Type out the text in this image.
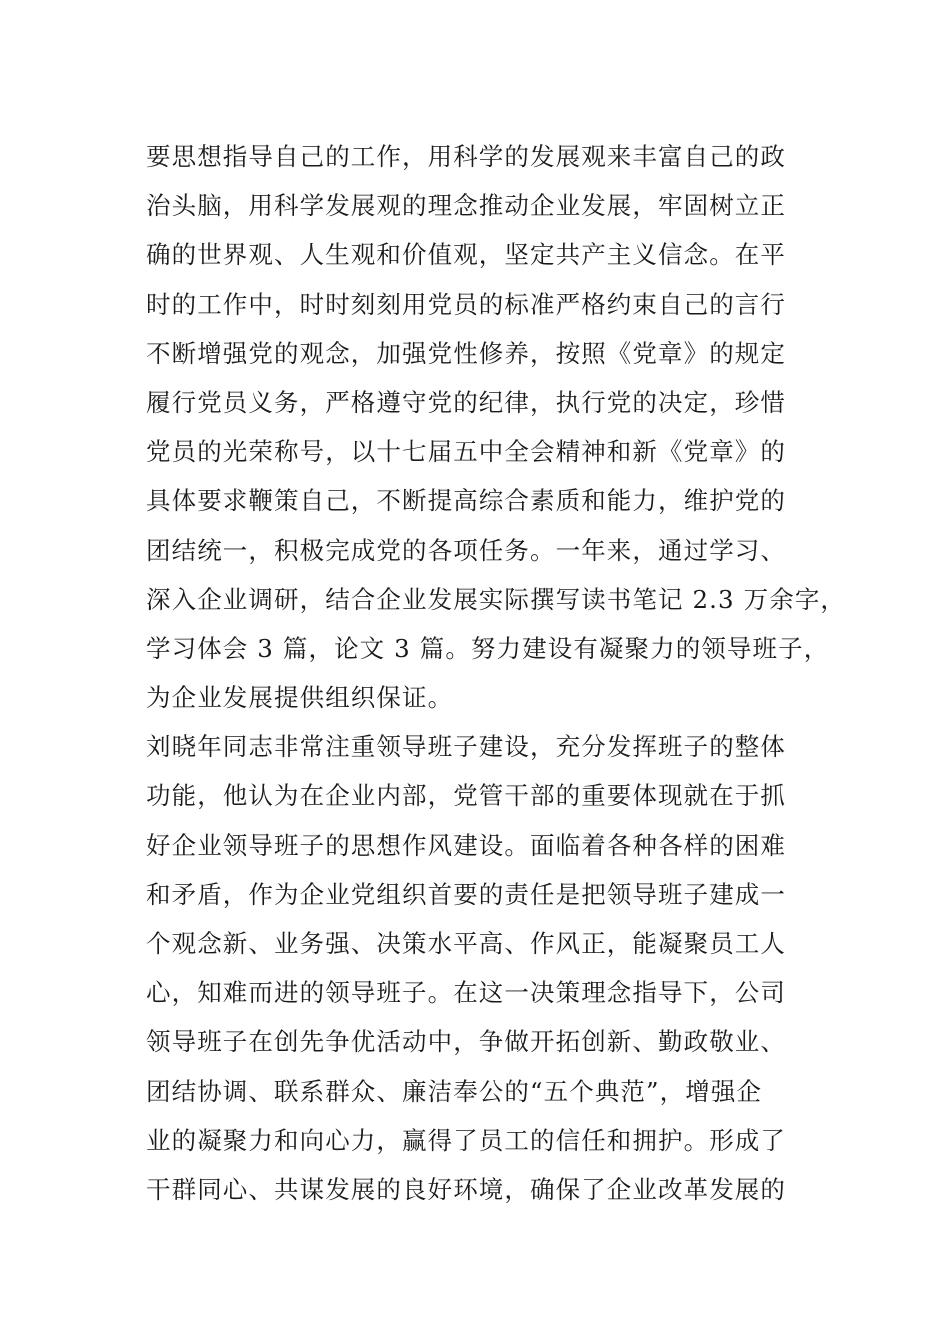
要思想指导自己的工作，用科学的发展观来丰富自己的政
治头脑，用科学发展观的理念推动企业发展，牢固树立正
确的世界观、人生观和价值观，坚定共产主义信念。在平
时的工作中，时时刻刻用党员的标准严格约束自己的言行
不断增强党的观念，加强党性修养，按照《党章》的规定
履行党员义务，严格遵守党的纪律，执行党的决定，珍惜
党员的光荣称号，以十七届五中全会精神和新《党章》的
具体要求鞭策自己，不断提高综合素质和能力，维护党的
团结统一，积极完成党的各项任务。一年来，通过学习、
深入企业调研，结合企业发展实际撰写读书笔记 2.3 万余字，
学习体会 3 篇，论文 3 篇。努力建设有凝聚力的领导班子，
为企业发展提供组织保证。
刘晓年同志非常注重领导班子建设，充分发挥班子的整体
功能，他认为在企业内部，党管干部的重要体现就在于抓
好企业领导班子的思想作风建设。面临着各种各样的困难
和矛盾，作为企业党组织首要的责任是把领导班子建成一
个观念新、业务强、决策水平高、作风正，能凝聚员工人
心，知难而进的领导班子。在这一决策理念指导下，公司
领导班子在创先争优活动中，争做开拓创新、勤政敬业、
团结协调、联系群众、廉洁奉公的“五个典范”，增强企
业的凝聚力和向心力，赢得了员工的信任和拥护。形成了
干群同心、共谋发展的良好环境，确保了企业改革发展的
